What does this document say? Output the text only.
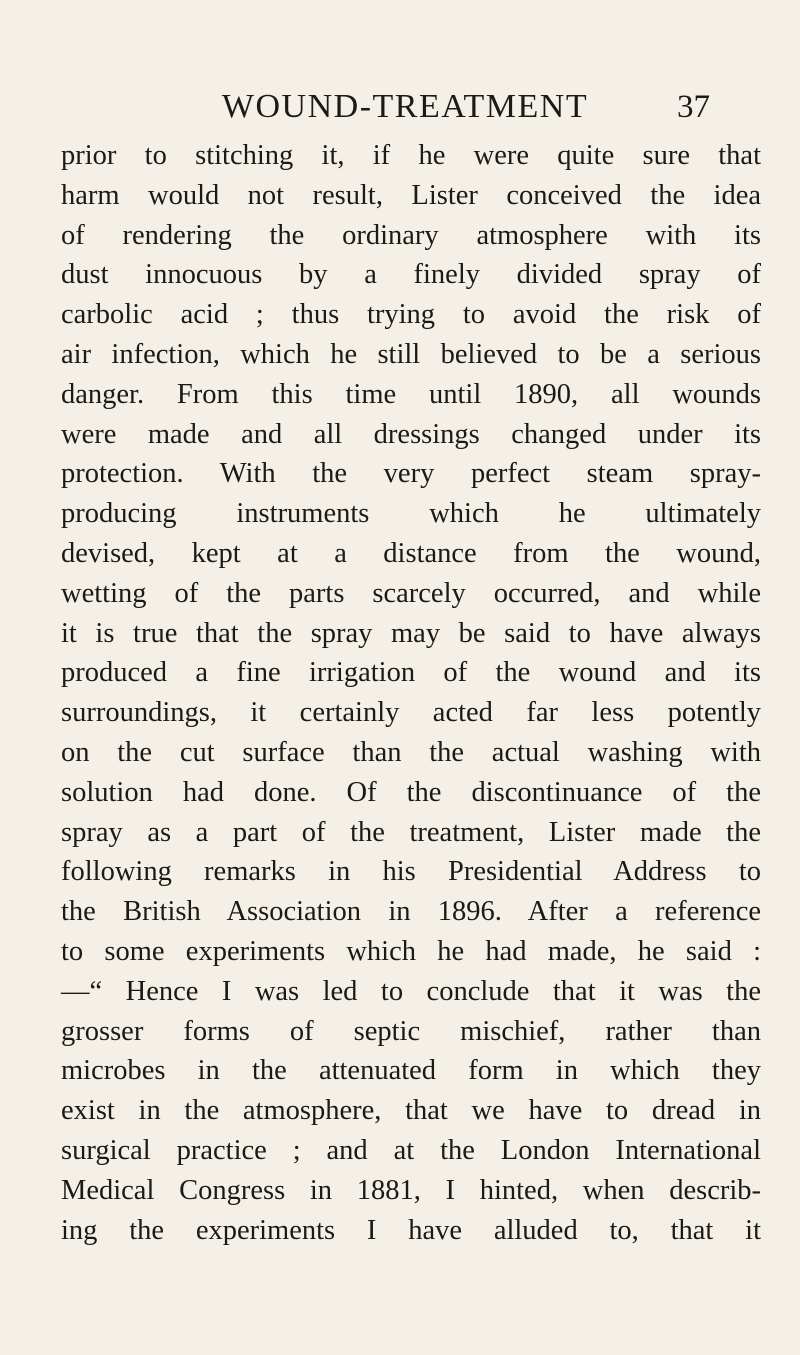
WOUND-TREATMENT	37
prior to stitching it, if he were quite sure that
harm would not result, Lister conceived the idea
of rendering the ordinary atmosphere with its
dust innocuous by a finely divided spray of
carbolic acid ; thus trying to avoid the risk of
air infection, which he still believed to be a serious
danger. From this time until 1890, all wounds
were made and all dressings changed under its
protection. With the very perfect steam spray-
producing instruments which he ultimately
devised, kept at a distance from the wound,
wetting of the parts scarcely occurred, and while
it is true that the spray may be said to have always
produced a fine irrigation of the wound and its
surroundings, it certainly acted far less potently
on the cut surface than the actual washing with
solution had done. Of the discontinuance of the
spray as a part of the treatment, Lister made the
following remarks in his Presidential Address to
the British Association in 1896. After a reference
to some experiments which he had made, he said :
—“ Hence I was led to conclude that it was the
grosser forms of septic mischief, rather than
microbes in the attenuated form in which they
exist in the atmosphere, that we have to dread in
surgical practice ; and at the London International
Medical Congress in 1881, I hinted, when describ-
ing the experiments I have alluded to, that it
